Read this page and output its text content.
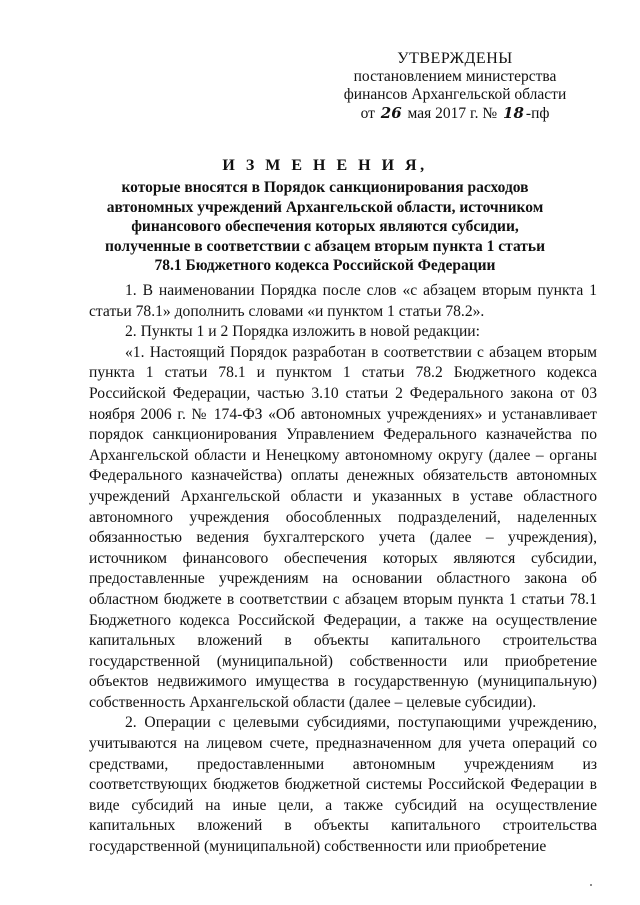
УТВЕРЖДЕНЫ
постановлением министерства
финансов Архангельской области
от 26 мая 2017 г. № 18 -пф
И З М Е Н Е Н И Я,
которые вносятся в Порядок санкционирования расходов автономных учреждений Архангельской области, источником финансового обеспечения которых являются субсидии, полученные в соответствии с абзацем вторым пункта 1 статьи 78.1 Бюджетного кодекса Российской Федерации

1. В наименовании Порядка после слов «с абзацем вторым пункта 1 статьи 78.1» дополнить словами «и пунктом 1 статьи 78.2».

2. Пункты 1 и 2 Порядка изложить в новой редакции:

«1. Настоящий Порядок разработан в соответствии с абзацем вторым пункта 1 статьи 78.1 и пунктом 1 статьи 78.2 Бюджетного кодекса Российской Федерации, частью 3.10 статьи 2 Федерального закона от 03 ноября 2006 г. № 174-ФЗ «Об автономных учреждениях» и устанавливает порядок санкционирования Управлением Федерального казначейства по Архангельской области и Ненецкому автономному округу (далее – органы Федерального казначейства) оплаты денежных обязательств автономных учреждений Архангельской области и указанных в уставе областного автономного учреждения обособленных подразделений, наделенных обязанностью ведения бухгалтерского учета (далее – учреждения), источником финансового обеспечения которых являются субсидии, предоставленные учреждениям на основании областного закона об областном бюджете в соответствии с абзацем вторым пункта 1 статьи 78.1 Бюджетного кодекса Российской Федерации, а также на осуществление капитальных вложений в объекты капитального строительства государственной (муниципальной) собственности или приобретение объектов недвижимого имущества в государственную (муниципальную) собственность Архангельской области (далее – целевые субсидии).

2. Операции с целевыми субсидиями, поступающими учреждению, учитываются на лицевом счете, предназначенном для учета операций со средствами, предоставленными автономным учреждениям из соответствующих бюджетов бюджетной системы Российской Федерации в виде субсидий на иные цели, а также субсидий на осуществление капитальных вложений в объекты капитального строительства государственной (муниципальной) собственности или приобретение
